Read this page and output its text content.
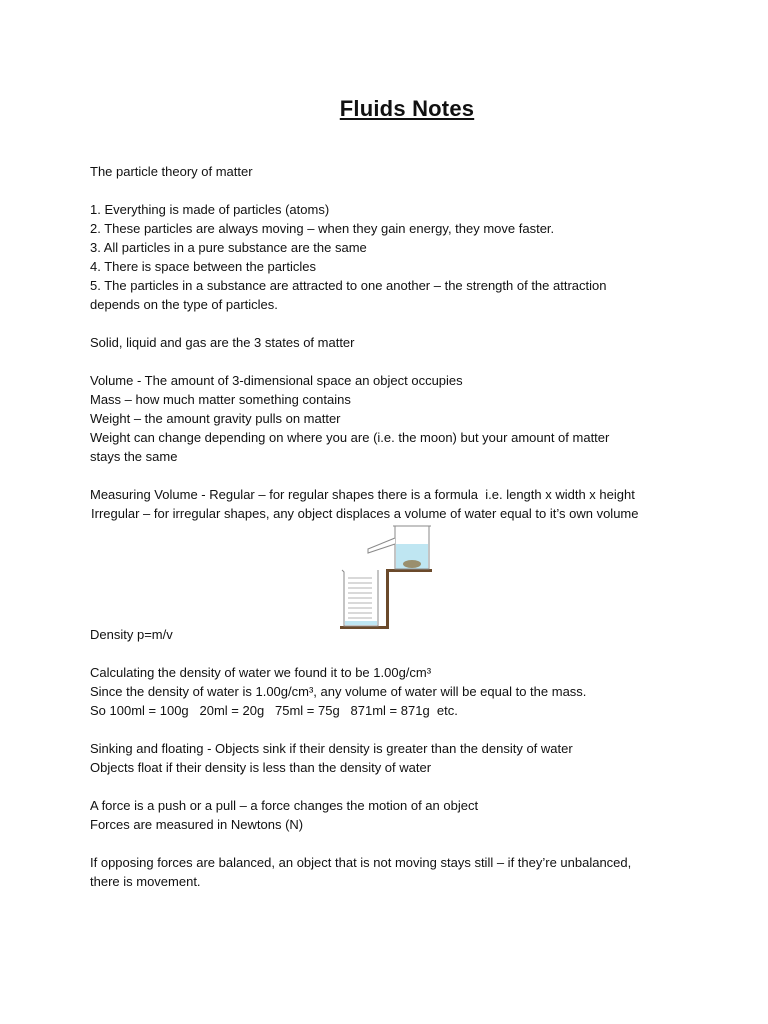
Fluids Notes
The particle theory of matter
1. Everything is made of particles (atoms)
2. These particles are always moving – when they gain energy, they move faster.
3. All particles in a pure substance are the same
4. There is space between the particles
5. The particles in a substance are attracted to one another – the strength of the attraction
depends on the type of particles.
Solid, liquid and gas are the 3 states of matter
Volume - The amount of 3-dimensional space an object occupies
Mass – how much matter something contains
Weight – the amount gravity pulls on matter
Weight can change depending on where you are (i.e. the moon) but your amount of matter
stays the same
Measuring Volume - Regular – for regular shapes there is a formula  i.e. length x width x height
Irregular – for irregular shapes, any object displaces a volume of water equal to it’s own volume
Density p=m/v
Calculating the density of water we found it to be 1.00g/cm³
Since the density of water is 1.00g/cm³, any volume of water will be equal to the mass.
So 100ml = 100g   20ml = 20g   75ml = 75g   871ml = 871g  etc.
Sinking and floating - Objects sink if their density is greater than the density of water
Objects float if their density is less than the density of water
A force is a push or a pull – a force changes the motion of an object
Forces are measured in Newtons (N)
If opposing forces are balanced, an object that is not moving stays still – if they’re unbalanced,
there is movement.
